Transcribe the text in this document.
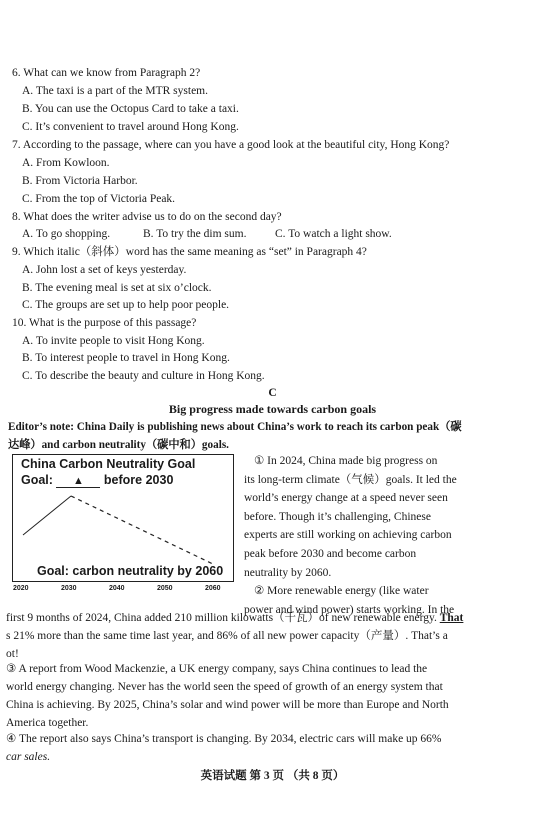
6. What can we know from Paragraph 2?
A. The taxi is a part of the MTR system.
B. You can use the Octopus Card to take a taxi.
C. It’s convenient to travel around Hong Kong.
7. According to the passage, where can you have a good look at the beautiful city, Hong Kong?
A. From Kowloon.
B. From Victoria Harbor.
C. From the top of Victoria Peak.
8. What does the writer advise us to do on the second day?
A. To go shopping.	B. To try the dim sum. C. To watch a light show.
9. Which italic（斜体）word has the same meaning as “set” in Paragraph 4?
A. John lost a set of keys yesterday.
B. The evening meal is set at six o’clock.
C. The groups are set up to help poor people.
10. What is the purpose of this passage?
A. To invite people to visit Hong Kong.
B. To interest people to travel in Hong Kong.
C. To describe the beauty and culture in Hong Kong.
C
Big progress made towards carbon goals
Editor’s note: China Daily is publishing news about China’s work to reach its carbon peak（碳
达峰）and carbon neutrality（碳中和）goals.
China Carbon Neutrality Goal
Goal: ▲ before 2030
Goal: carbon neutrality by 2060
2020	2030	2040	2050	2060
① In 2024, China made big progress on
its long-term climate（气候）goals. It led the
world’s energy change at a speed never seen
before. Though it’s challenging, Chinese
experts are still working on achieving carbon
peak before 2030 and become carbon
neutrality by 2060.
② More renewable energy (like water
power and wind power) starts working. In the
first 9 months of 2024, China added 210 million kilowatts（千瓦）of new renewable energy. That
s 21% more than the same time last year, and 86% of all new power capacity（产量）. That’s a
ot!
③ A report from Wood Mackenzie, a UK energy company, says China continues to lead the
world energy changing. Never has the world seen the speed of growth of an energy system that
China is achieving. By 2025, China’s solar and wind power will be more than Europe and North
America together.
④ The report also says China’s transport is changing. By 2034, electric cars will make up 66%
car sales.
英语试题 第 3 页 （共 8 页）
